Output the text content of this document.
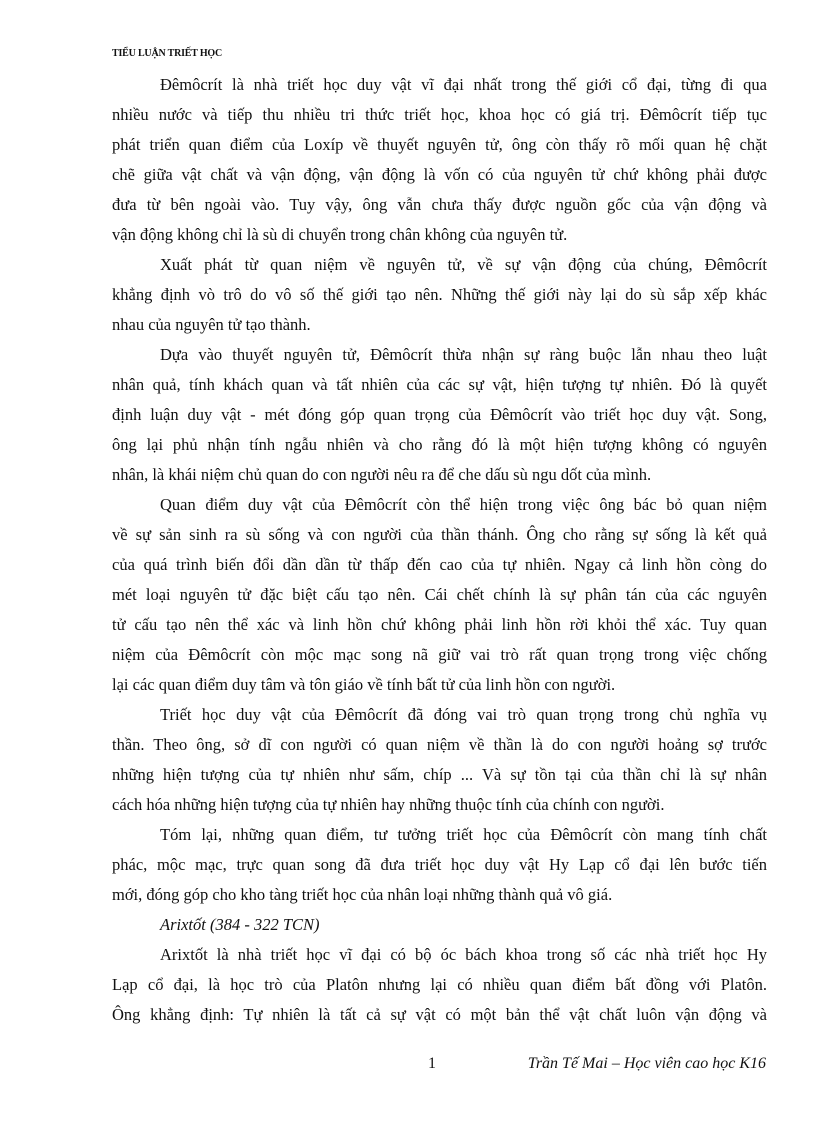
TIỂU LUẬN TRIẾT HỌC
Đêmôcrít là nhà triết học duy vật vĩ đại nhất trong thế giới cổ đại, từng đi qua
nhiều nước và tiếp thu nhiều tri thức triết học, khoa học có giá trị. Đêmôcrít tiếp tục
phát triển quan điểm của Loxíp về thuyết nguyên tử, ông còn thấy rõ mối quan hệ chặt
chẽ giữa vật chất và vận động, vận động là vốn có của nguyên tử chứ không phải được
đưa từ bên ngoài vào. Tuy vậy, ông vẫn chưa thấy được nguồn gốc của vận động và
vận động không chỉ là sù di chuyển trong chân không của nguyên tử.
Xuất phát từ quan niệm về nguyên tử, về sự vận động của chúng, Đêmôcrít
khẳng định vò trô do vô số thế giới tạo nên. Những thế giới này lại do sù sắp xếp khác
nhau của nguyên tử tạo thành.
Dựa vào thuyết nguyên tử, Đêmôcrít thừa nhận sự ràng buộc lẫn nhau theo luật
nhân quả, tính khách quan và tất nhiên của các sự vật, hiện tượng tự nhiên. Đó là quyết
định luận duy vật - mét đóng góp quan trọng của Đêmôcrít vào triết học duy vật. Song,
ông lại phủ nhận tính ngẫu nhiên và cho rằng đó là một hiện tượng không có nguyên
nhân, là khái niệm chủ quan do con người nêu ra để che dấu sù ngu dốt của mình.
Quan điểm duy vật của Đêmôcrít còn thể hiện trong việc ông bác bỏ quan niệm
về sự sản sinh ra sù sống và con người của thần thánh. Ông cho rằng sự sống là kết quả
của quá trình biến đổi dần dần từ thấp đến cao của tự nhiên. Ngay cả linh hồn còng do
mét loại nguyên tử đặc biệt cấu tạo nên. Cái chết chính là sự phân tán của các nguyên
tử cấu tạo nên thể xác và linh hồn chứ không phải linh hồn rời khỏi thể xác. Tuy quan
niệm của Đêmôcrít còn mộc mạc song nã giữ vai trò rất quan trọng trong việc chống
lại các quan điểm duy tâm và tôn giáo về tính bất tử của linh hồn con người.
Triết học duy vật của Đêmôcrít đã đóng vai trò quan trọng trong chủ nghĩa vụ
thần. Theo ông, sở dĩ con người có quan niệm về thần là do con người hoảng sợ trước
những hiện tượng của tự nhiên như sấm, chíp ... Và sự tồn tại của thần chỉ là sự nhân
cách hóa những hiện tượng của tự nhiên hay những thuộc tính của chính con người.
Tóm lại, những quan điểm, tư tưởng triết học của Đêmôcrít còn mang tính chất
phác, mộc mạc, trực quan song đã đưa triết học duy vật Hy Lạp cổ đại lên bước tiến
mới, đóng góp cho kho tàng triết học của nhân loại những thành quả vô giá.
Arixtốt (384 - 322 TCN)
Arixtốt là nhà triết học vĩ đại có bộ óc bách khoa trong số các nhà triết học Hy
Lạp cổ đại, là học trò của Platôn nhưng lại có nhiều quan điểm bất đồng với Platôn.
Ông khẳng định: Tự nhiên là tất cả sự vật có một bản thể vật chất luôn vận động và
1	Trần Tế Mai – Học viên cao học K16
